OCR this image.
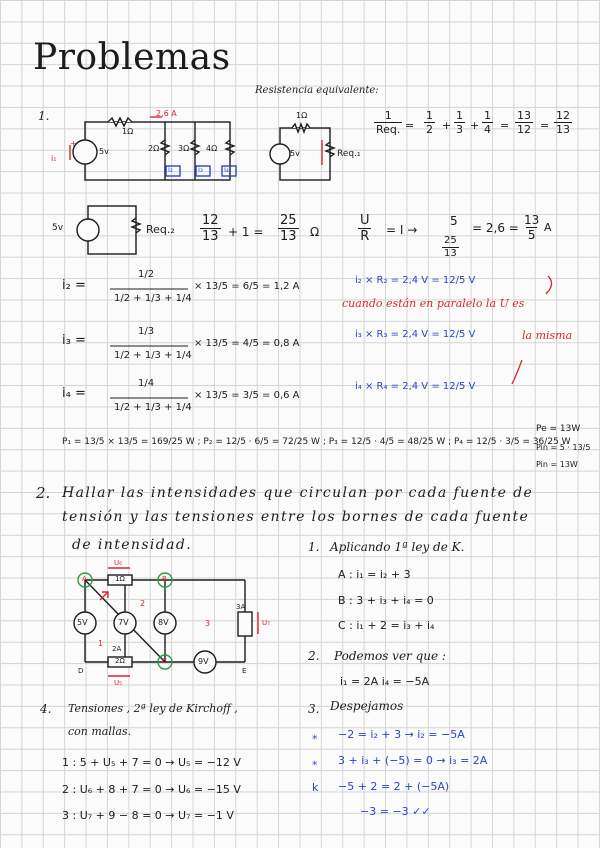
Problemas
1.
Resistencia equivalente:
1Ω
2,6 A
2Ω 3Ω 4Ω
5v
+
i₁
i₂	i₃	i₄
1Ω
5v	Req.₁
1
Req. = $\frac{1}{2} + \frac{1}{3} + \frac{1}{4} = \frac{13}{12} = \frac{12}{13}$
5v	$Req._2 \frac{12}{13} + 1 = \frac{25}{13}$ Ω	$\frac{U}{R} = I$ →
5
$\frac{25}{13}$
= $2,6 = \frac{13}{5}$ A
i₂ =
1/2
1/2 + 1/3 + 1/4
× 13/5 = 6/5 = 1,2 A
i₃ =
1/3
1/2 + 1/3 + 1/4
× 13/5 = 4/5 = 0,8 A
i₄ =
1/4
1/2 + 1/3 + 1/4
× 13/5 = 3/5 = 0,6 A
i₂ × R₂ = 2,4 V = 12/5 V
cuando están en paralelo la U es
i₃ × R₃ = 2,4 V = 12/5 V	la misma
i₄ × R₄ = 2,4 V = 12/5 V
P₁ = 13/5 × 13/5 = 169/25 W ; P₂ = 12/5 · 6/5 = 72/25 W ; P₃ = 12/5 · 4/5 = 48/25 W ; P₄ = 12/5 · 3/5 = 36/25 W
Pe = 13W
Pin = 5 · 13/5
Pin = 13W
2. Hallar las intensidades que circulan por cada fuente de
tensión y las tensiones entre los bornes de cada fuente
de intensidad.
A	B
C
D	E
1Ω
2Ω
5V	7V	8V
9V
2A
3A
U₆
U₅
U₇
1
2
3
1. Aplicando 1ª ley de K.
A : i₁ = i₂ + 3
B : 3 + i₃ + i₄ = 0
C : i₁ + 2 = i₃ + i₄
2. Podemos ver que :
i₁ = 2A i₄ = −5A
3. Despejamos
⁎ −2 = i₂ + 3 → i₂ = −5A
⁎ 3 + i₃ + (−5) = 0 → i₃ = 2A
k −5 + 2 = 2 + (−5A)
−3 = −3 ✓✓
4. Tensiones , 2ª ley de Kirchoff ,
con mallas.
1 : 5 + U₅ + 7 = 0 → U₅ = −12 V
2 : U₆ + 8 + 7 = 0 → U₆ = −15 V
3 : U₇ + 9 − 8 = 0 → U₇ = −1 V
